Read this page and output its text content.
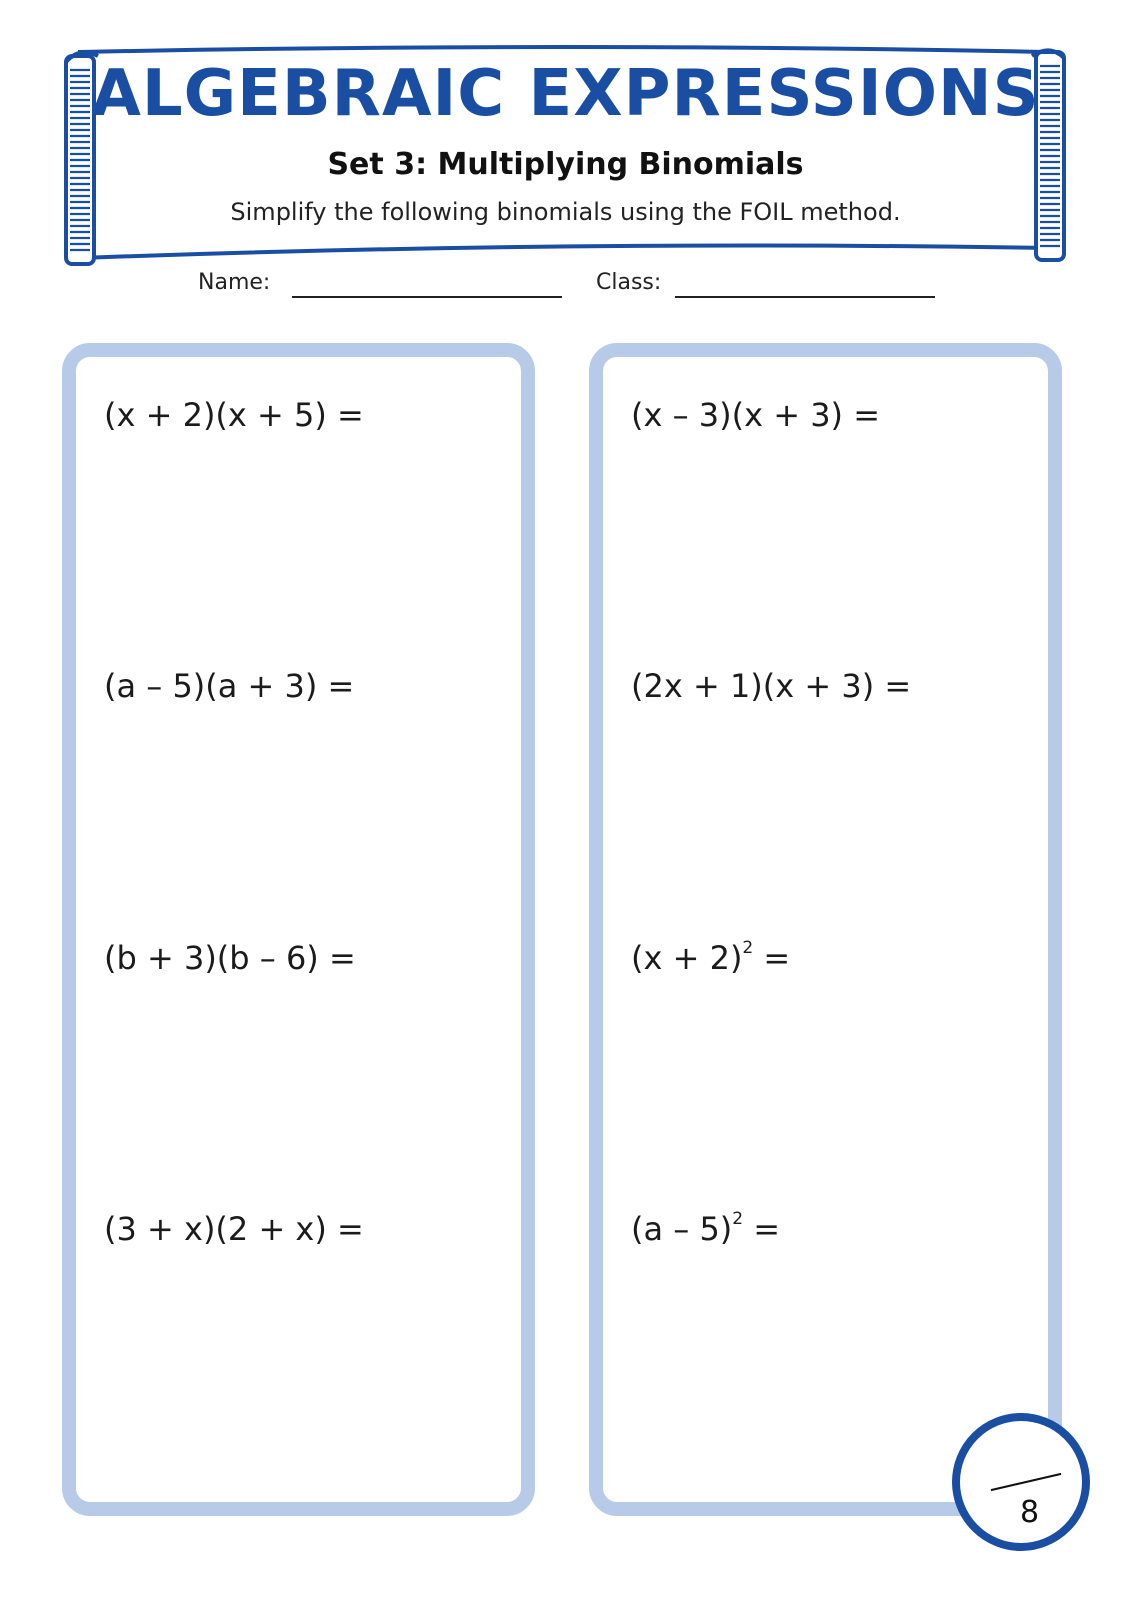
ALGEBRAIC EXPRESSIONS
Set 3: Multiplying Binomials
Simplify the following binomials using the FOIL method.
Name:	Class:
(x + 2)(x + 5) =
(a – 5)(a + 3) =
(b + 3)(b – 6) =
(3 + x)(2 + x) =
(x – 3)(x + 3) =
(2x + 1)(x + 3) =
$(x + 2)^2$ =
(a – 5)$^2$ =
8
